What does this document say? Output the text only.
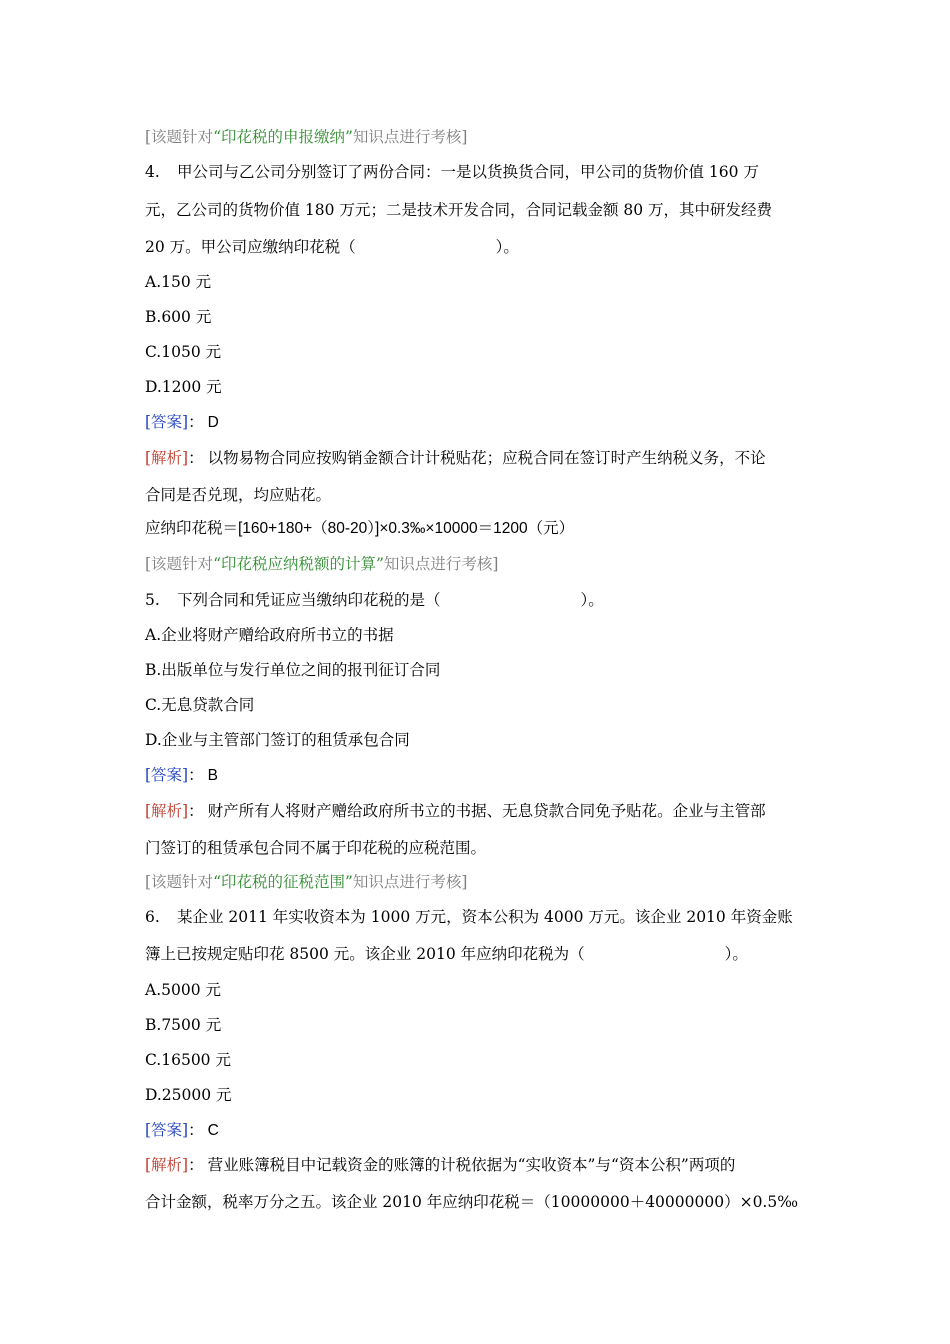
[该题针对“印花税的申报缴纳”知识点进行考核]
4. 甲公司与乙公司分别签订了两份合同：一是以货换货合同，甲公司的货物价值 160 万
元，乙公司的货物价值 180 万元；二是技术开发合同，合同记载金额 80 万，其中研发经费
20 万。甲公司应缴纳印花税（	）。
A.150 元
B.600 元
C.1050 元
D.1200 元
[答案]： D
[解析]： 以物易物合同应按购销金额合计计税贴花；应税合同在签订时产生纳税义务，不论
合同是否兑现，均应贴花。
应纳印花税＝[160+180+（80-20）]×0.3‰×10000＝1200（元）
[该题针对“印花税应纳税额的计算”知识点进行考核]
5. 下列合同和凭证应当缴纳印花税的是（	）。
A.企业将财产赠给政府所书立的书据
B.出版单位与发行单位之间的报刊征订合同
C.无息贷款合同
D.企业与主管部门签订的租赁承包合同
[答案]： B
[解析]： 财产所有人将财产赠给政府所书立的书据、无息贷款合同免予贴花。企业与主管部
门签订的租赁承包合同不属于印花税的应税范围。
[该题针对“印花税的征税范围”知识点进行考核]
6. 某企业 2011 年实收资本为 1000 万元，资本公积为 4000 万元。该企业 2010 年资金账
簿上已按规定贴印花 8500 元。该企业 2010 年应纳印花税为（	）。
A.5000 元
B.7500 元
C.16500 元
D.25000 元
[答案]： C
[解析]： 营业账簿税目中记载资金的账簿的计税依据为“实收资本”与“资本公积”两项的
合计金额，税率万分之五。该企业 2010 年应纳印花税＝（10000000＋40000000）×0.5‰
